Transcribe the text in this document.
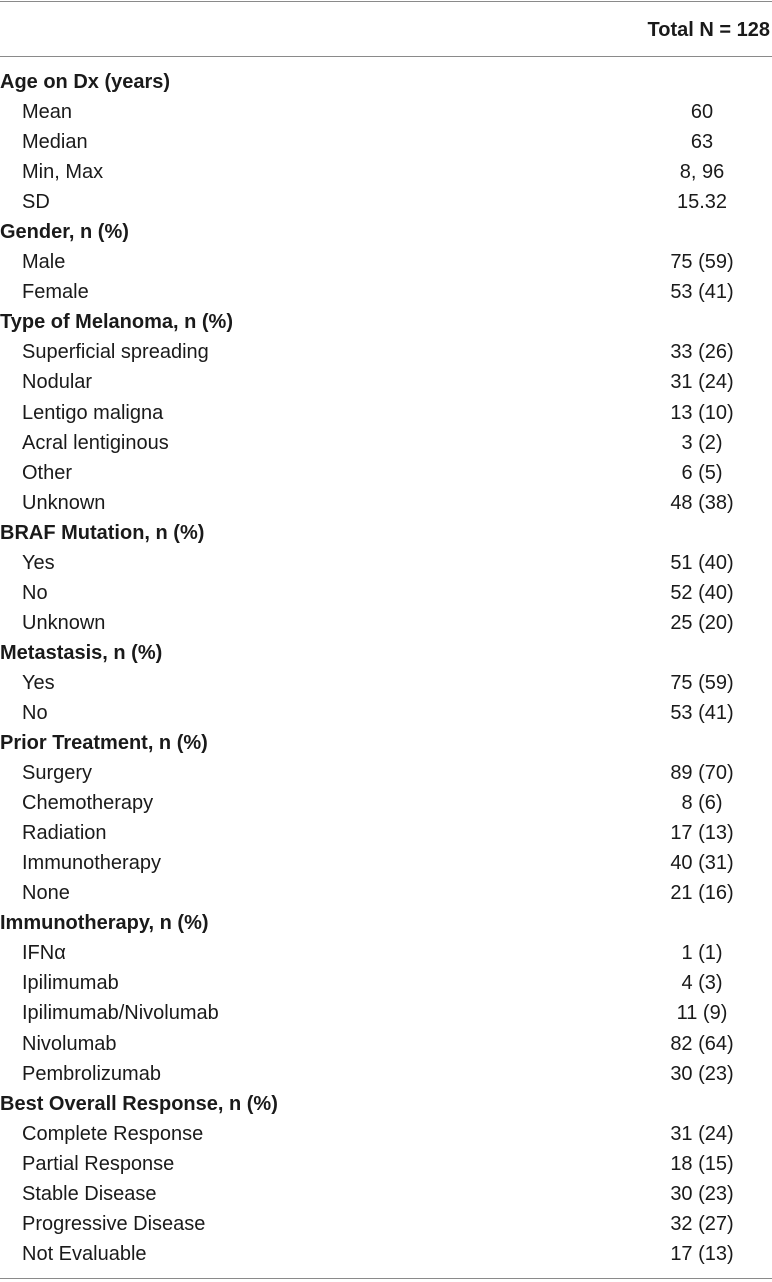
Total N = 128
Age on Dx (years)
Mean	60
Median	63
Min, Max	8, 96
SD	15.32
Gender, n (%)
Male	75 (59)
Female	53 (41)
Type of Melanoma, n (%)
Superficial spreading	33 (26)
Nodular	31 (24)
Lentigo maligna	13 (10)
Acral lentiginous	3 (2)
Other	6 (5)
Unknown	48 (38)
BRAF Mutation, n (%)
Yes	51 (40)
No	52 (40)
Unknown	25 (20)
Metastasis, n (%)
Yes	75 (59)
No	53 (41)
Prior Treatment, n (%)
Surgery	89 (70)
Chemotherapy	8 (6)
Radiation	17 (13)
Immunotherapy	40 (31)
None	21 (16)
Immunotherapy, n (%)
IFNα	1 (1)
Ipilimumab	4 (3)
Ipilimumab/Nivolumab	11 (9)
Nivolumab	82 (64)
Pembrolizumab	30 (23)
Best Overall Response, n (%)
Complete Response	31 (24)
Partial Response	18 (15)
Stable Disease	30 (23)
Progressive Disease	32 (27)
Not Evaluable	17 (13)
